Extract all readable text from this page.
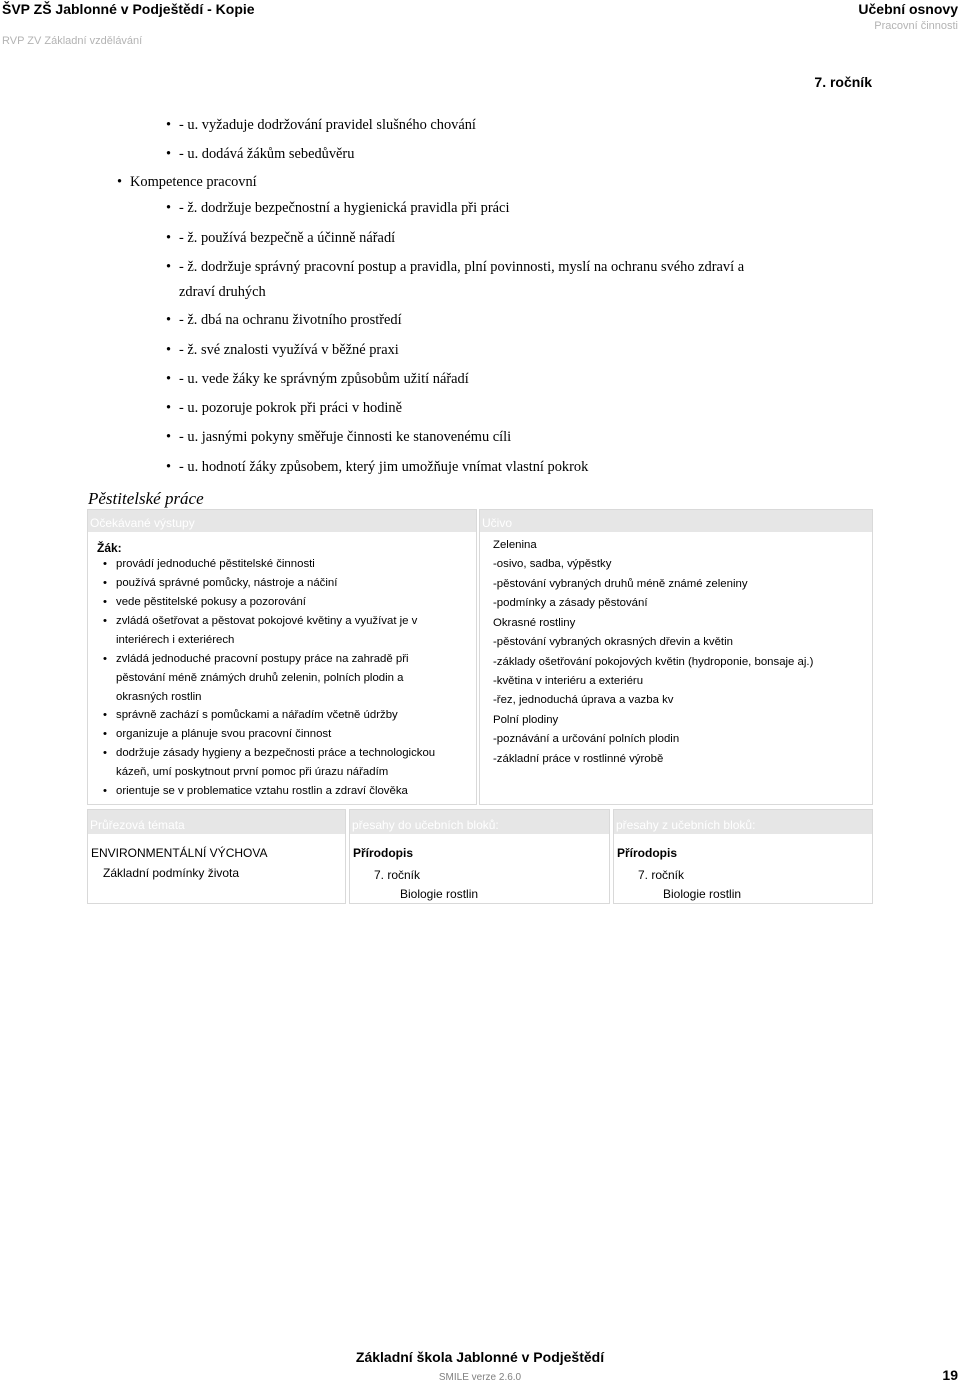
ŠVP ZŠ Jablonné v Podještědí - Kopie
RVP ZV Základní vzdělávání
Učební osnovy
Pracovní činnosti
7. ročník
• - u. vyžaduje dodržování pravidel slušného chování
• - u. dodává žákům sebedůvěru
• Kompetence pracovní
• - ž. dodržuje bezpečnostní a hygienická pravidla při práci
• - ž. používá bezpečně a účinně nářadí
• - ž. dodržuje správný pracovní postup a pravidla, plní povinnosti, myslí na ochranu svého zdraví a
zdraví druhých
• - ž. dbá na ochranu životního prostředí
• - ž. své znalosti využívá v běžné praxi
• - u. vede žáky ke správným způsobům užití nářadí
• - u. pozoruje pokrok při práci v hodině
• - u. jasnými pokyny směřuje činnosti ke stanovenému cíli
• - u. hodnotí žáky způsobem, který jim umožňuje vnímat vlastní pokrok
Pěstitelské práce
Očekávané výstupy
Žák:
• provádí jednoduché pěstitelské činnosti
• používá správné pomůcky, nástroje a náčiní
• vede pěstitelské pokusy a pozorování
• zvládá ošetřovat a pěstovat pokojové květiny a využívat je v
interiérech i exteriérech
• zvládá jednoduché pracovní postupy práce na zahradě při
pěstování méně známých druhů zelenin, polních plodin a
okrasných rostlin
• správně zachází s pomůckami a nářadím včetně údržby
• organizuje a plánuje svou pracovní činnost
• dodržuje zásady hygieny a bezpečnosti práce a technologickou
kázeň, umí poskytnout první pomoc při úrazu nářadím
• orientuje se v problematice vztahu rostlin a zdraví člověka
Učivo
Zelenina
-osivo, sadba, výpěstky
-pěstování vybraných druhů méně známé zeleniny
-podmínky a zásady pěstování
Okrasné rostliny
-pěstování vybraných okrasných dřevin a květin
-základy ošetřování pokojových květin (hydroponie, bonsaje aj.)
-květina v interiéru a exteriéru
-řez, jednoduchá úprava a vazba kv
Polní plodiny
-poznávání a určování polních plodin
-základní práce v rostlinné výrobě
Průřezová témata
ENVIRONMENTÁLNÍ VÝCHOVA
Základní podmínky života
přesahy do učebních bloků:
Přírodopis
7. ročník
Biologie rostlin
přesahy z učebních bloků:
Přírodopis
7. ročník
Biologie rostlin
Základní škola Jablonné v Podještědí
SMILE verze 2.6.0	19
